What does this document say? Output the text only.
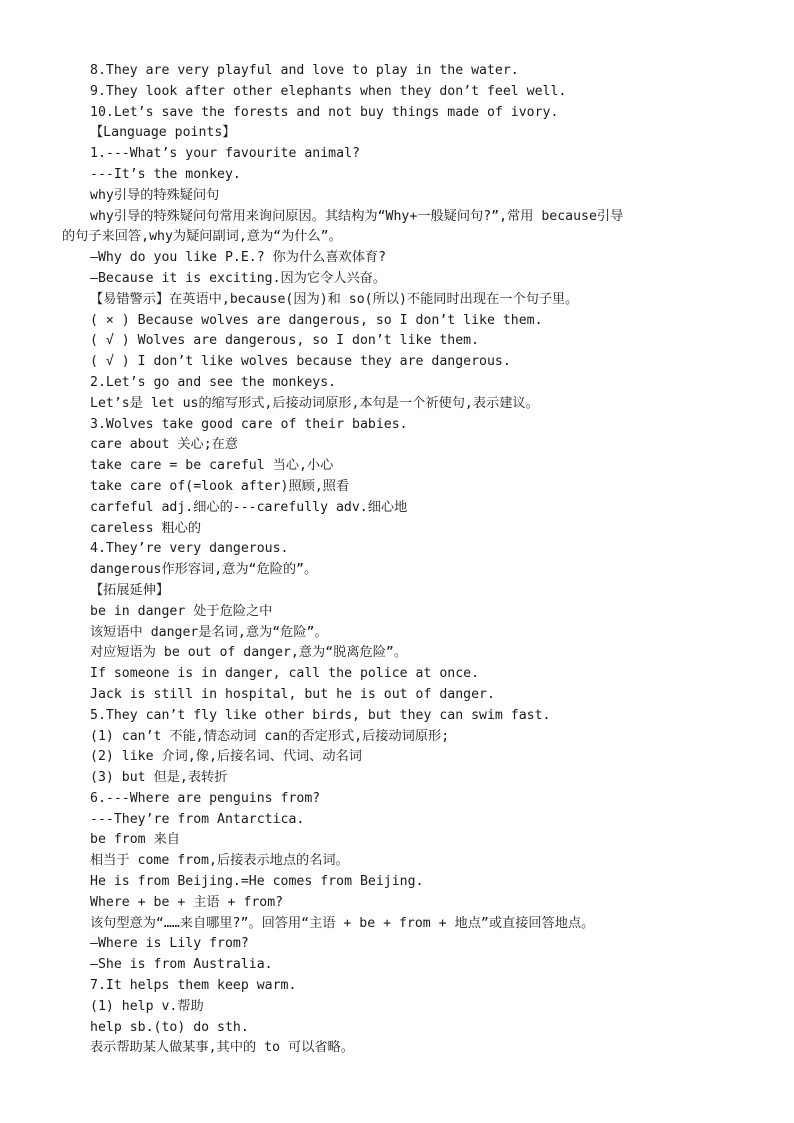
8.They are very playful and love to play in the water.
9.They look after other elephants when they don’t feel well.
10.Let’s save the forests and not buy things made of ivory.
【Language points】
1.---What’s your favourite animal?
---It’s the monkey.
why引导的特殊疑问句
why引导的特殊疑问句常用来询问原因。其结构为“Why+一般疑问句?”,常用 because引导
的句子来回答,why为疑问副词,意为“为什么”。
—Why do you like P.E.? 你为什么喜欢体育?
—Because it is exciting.因为它令人兴奋。
【易错警示】在英语中,because(因为)和 so(所以)不能同时出现在一个句子里。
( × ) Because wolves are dangerous, so I don’t like them.
( √ ) Wolves are dangerous, so I don’t like them.
( √ ) I don’t like wolves because they are dangerous.
2.Let’s go and see the monkeys.
Let’s是 let us的缩写形式,后接动词原形,本句是一个祈使句,表示建议。
3.Wolves take good care of their babies.
care about 关心;在意
take care = be careful 当心,小心
take care of(=look after)照顾,照看
carfeful adj.细心的---carefully adv.细心地
careless 粗心的
4.They’re very dangerous.
dangerous作形容词,意为“危险的”。
【拓展延伸】
be in danger 处于危险之中
该短语中 danger是名词,意为“危险”。
对应短语为 be out of danger,意为“脱离危险”。
If someone is in danger, call the police at once.
Jack is still in hospital, but he is out of danger.
5.They can’t fly like other birds, but they can swim fast.
(1) can’t 不能,情态动词 can的否定形式,后接动词原形;
(2) like 介词,像,后接名词、代词、动名词
(3) but 但是,表转折
6.---Where are penguins from?
---They’re from Antarctica.
be from 来自
相当于 come from,后接表示地点的名词。
He is from Beijing.=He comes from Beijing.
Where + be + 主语 + from?
该句型意为“……来自哪里?”。回答用“主语 + be + from + 地点”或直接回答地点。
—Where is Lily from?
—She is from Australia.
7.It helps them keep warm.
(1) help v.帮助
help sb.(to) do sth.
表示帮助某人做某事,其中的 to 可以省略。
